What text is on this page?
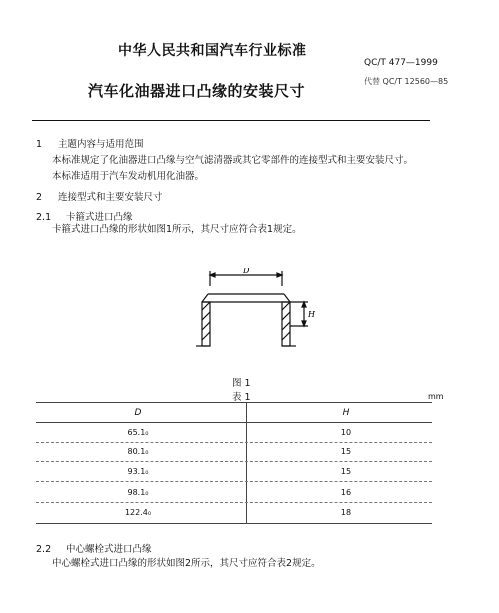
中华人民共和国汽车行业标准
QC/T 477—1999
汽车化油器进口凸缘的安装尺寸
代替 QC/T 12560—85
1 主题内容与适用范围
本标准规定了化油器进口凸缘与空气滤清器或其它零部件的连接型式和主要安装尺寸。
本标准适用于汽车发动机用化油器。
2 连接型式和主要安装尺寸
2.1 卡箍式进口凸缘
卡箍式进口凸缘的形状如图1所示，其尺寸应符合表1规定。
D
H
图 1
表 1	mm
D	H
65.1₀	10
80.1₀	15
93.1₀	15
98.1₀	16
122.4₀	18
2.2 中心螺栓式进口凸缘
中心螺栓式进口凸缘的形状如图2所示，其尺寸应符合表2规定。
